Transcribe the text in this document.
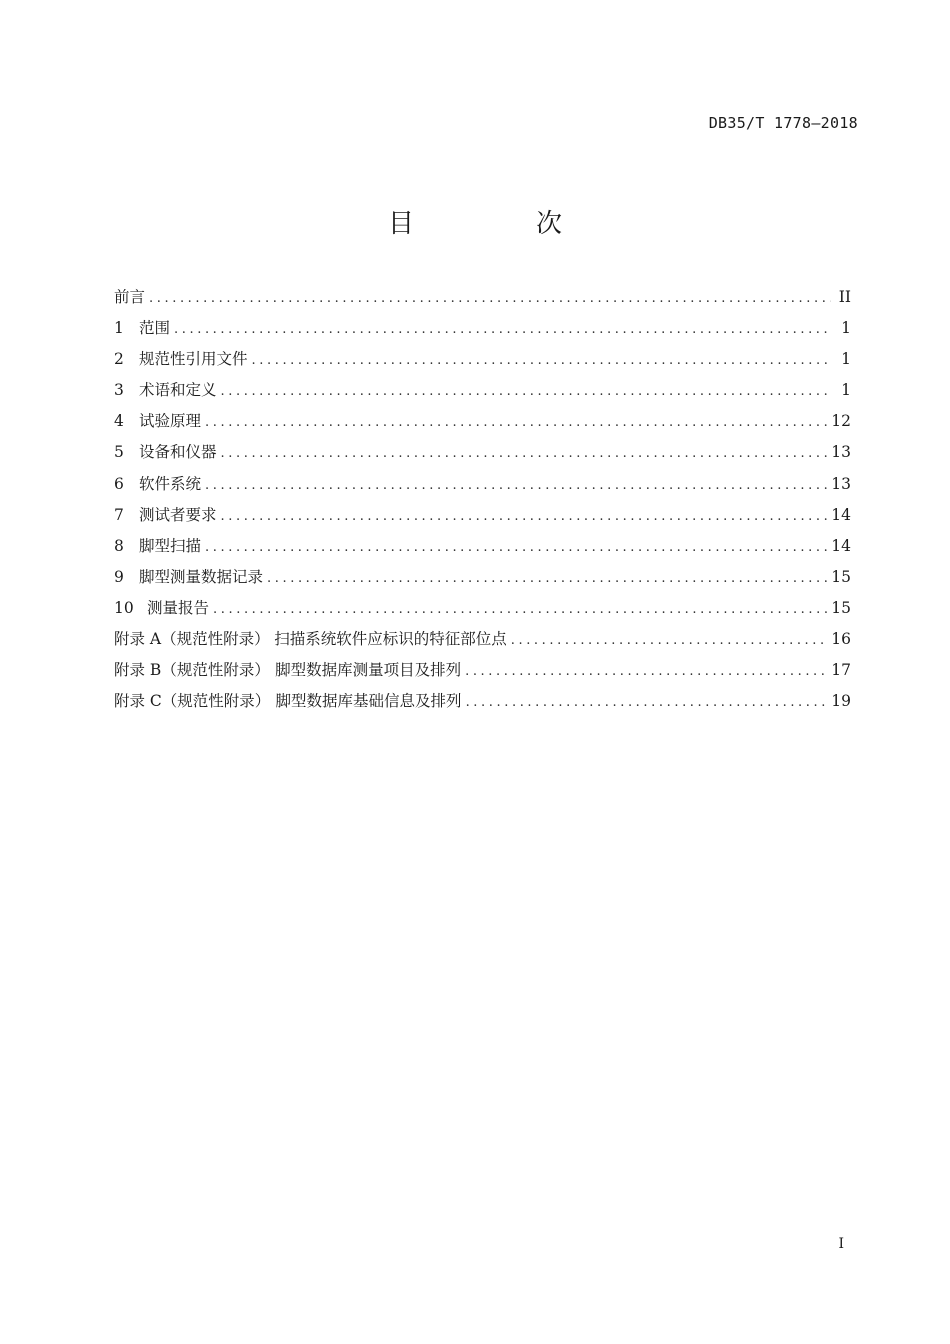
DB35/T 1778—2018
目　次
前言 .....	II
1 范围 .....	1
2 规范性引用文件 .....	1
3 术语和定义 .....	1
4 试验原理 .....	12
5 设备和仪器 .....	13
6 软件系统 .....	13
7 测试者要求 .....	14
8 脚型扫描 .....	14
9 脚型测量数据记录 .....	15
10 测量报告 .....	15
附录 A（规范性附录） 扫描系统软件应标识的特征部位点 .....	16
附录 B（规范性附录） 脚型数据库测量项目及排列 .....	17
附录 C（规范性附录） 脚型数据库基础信息及排列 .....	19
I
